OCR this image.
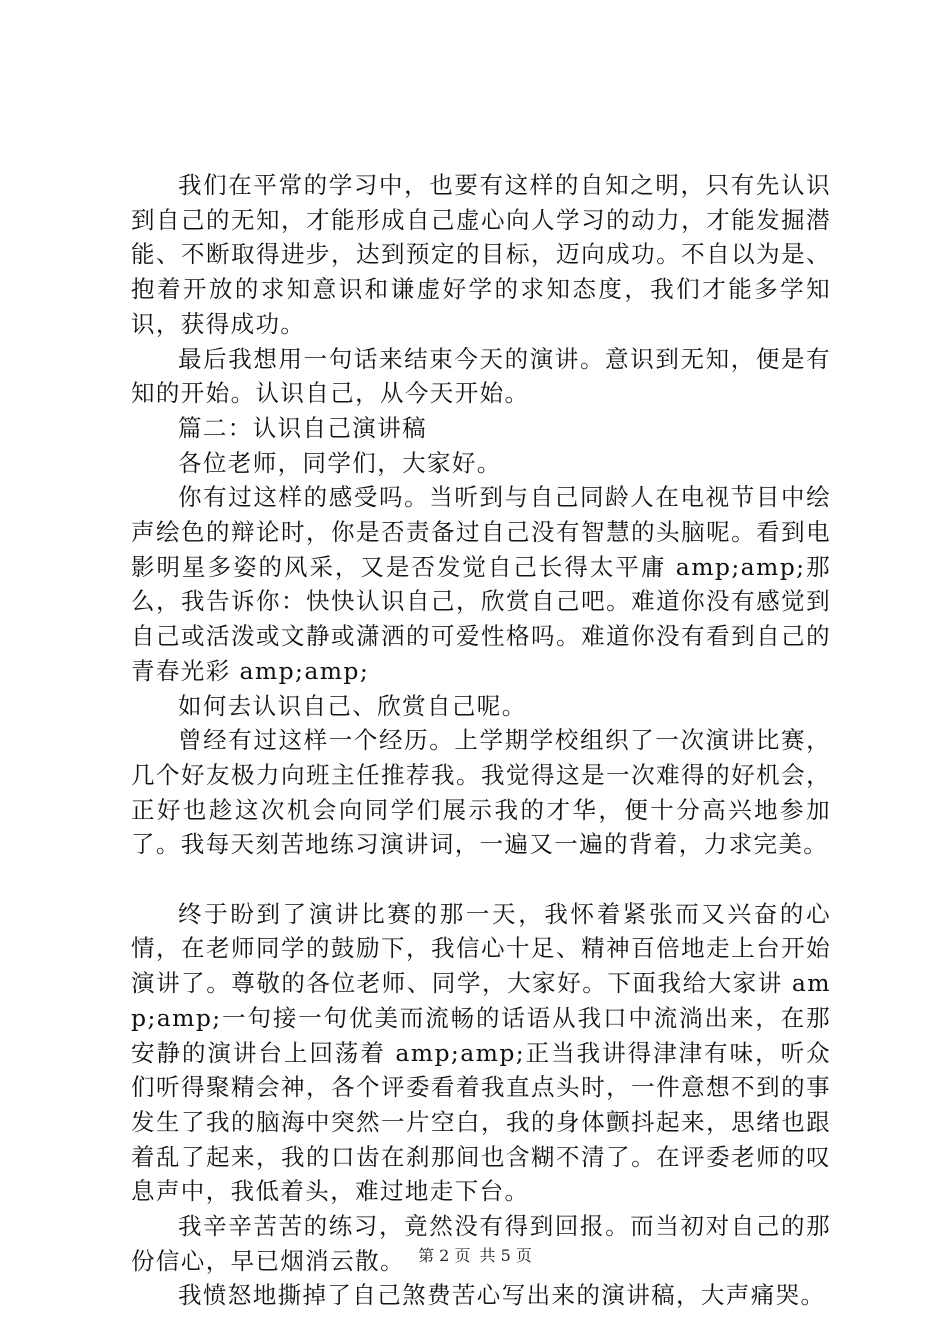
我们在平常的学习中，也要有这样的自知之明，只有先认识到自己的无知，才能形成自己虚心向人学习的动力，才能发掘潜能、不断取得进步，达到预定的目标，迈向成功。不自以为是、抱着开放的求知意识和谦虚好学的求知态度，我们才能多学知识，获得成功。

最后我想用一句话来结束今天的演讲。意识到无知，便是有知的开始。认识自己，从今天开始。

篇二：认识自己演讲稿

各位老师，同学们，大家好。

你有过这样的感受吗。当听到与自己同龄人在电视节目中绘声绘色的辩论时，你是否责备过自己没有智慧的头脑呢。看到电影明星多姿的风采，又是否发觉自己长得太平庸 amp;amp;那么，我告诉你：快快认识自己，欣赏自己吧。难道你没有感觉到自己或活泼或文静或潇洒的可爱性格吗。难道你没有看到自己的青春光彩 amp;amp;

如何去认识自己、欣赏自己呢。

曾经有过这样一个经历。上学期学校组织了一次演讲比赛，几个好友极力向班主任推荐我。我觉得这是一次难得的好机会，正好也趁这次机会向同学们展示我的才华，便十分高兴地参加了。我每天刻苦地练习演讲词，一遍又一遍的背着，力求完美。

终于盼到了演讲比赛的那一天，我怀着紧张而又兴奋的心情，在老师同学的鼓励下，我信心十足、精神百倍地走上台开始演讲了。尊敬的各位老师、同学，大家好。下面我给大家讲 amp;amp;一句接一句优美而流畅的话语从我口中流淌出来，在那安静的演讲台上回荡着 amp;amp;正当我讲得津津有味，听众们听得聚精会神，各个评委看着我直点头时，一件意想不到的事发生了我的脑海中突然一片空白，我的身体颤抖起来，思绪也跟着乱了起来，我的口齿在刹那间也含糊不清了。在评委老师的叹息声中，我低着头，难过地走下台。

我辛辛苦苦的练习，竟然没有得到回报。而当初对自己的那份信心，早已烟消云散。

我愤怒地撕掉了自己煞费苦心写出来的演讲稿，大声痛哭。

第 2 页 共 5 页
